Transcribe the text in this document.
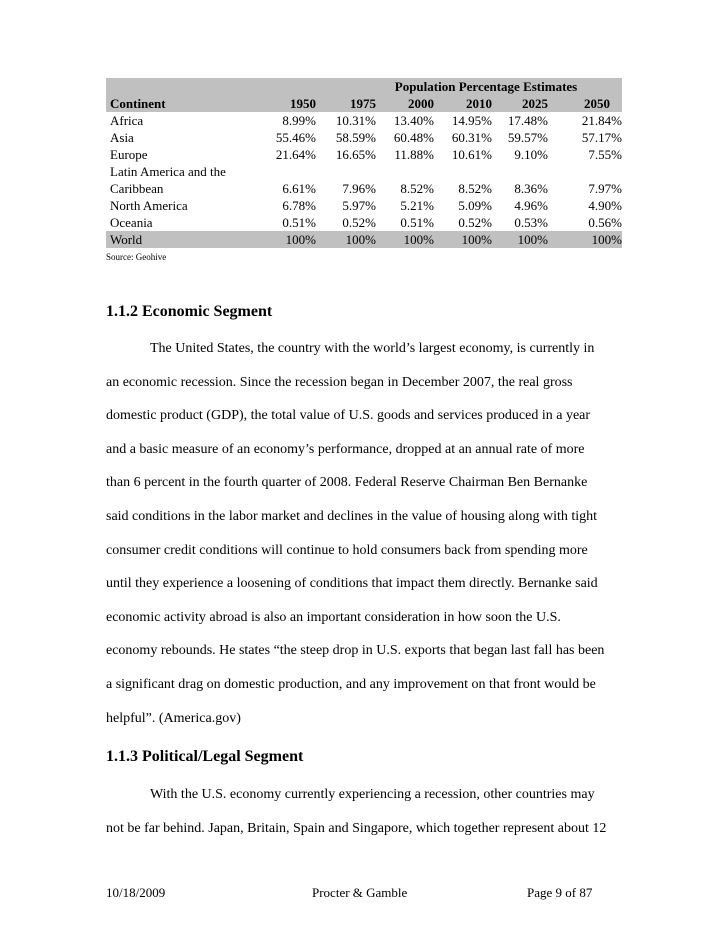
Population Percentage Estimates
Continent	1950	1975	2000	2010	2025	2050
Africa	8.99%	10.31%	13.40%	14.95%	17.48%	21.84%
Asia	55.46%	58.59%	60.48%	60.31%	59.57%	57.17%
Europe	21.64%	16.65%	11.88%	10.61%	9.10%	7.55%
Latin America and the
Caribbean	6.61%	7.96%	8.52%	8.52%	8.36%	7.97%
North America	6.78%	5.97%	5.21%	5.09%	4.96%	4.90%
Oceania	0.51%	0.52%	0.51%	0.52%	0.53%	0.56%
World	100%	100%	100%	100%	100%	100%
Source: Geohive
1.1.2 Economic Segment
The United States, the country with the world’s largest economy, is currently in
an economic recession. Since the recession began in December 2007, the real gross
domestic product (GDP), the total value of U.S. goods and services produced in a year
and a basic measure of an economy’s performance, dropped at an annual rate of more
than 6 percent in the fourth quarter of 2008. Federal Reserve Chairman Ben Bernanke
said conditions in the labor market and declines in the value of housing along with tight
consumer credit conditions will continue to hold consumers back from spending more
until they experience a loosening of conditions that impact them directly. Bernanke said
economic activity abroad is also an important consideration in how soon the U.S.
economy rebounds. He states “the steep drop in U.S. exports that began last fall has been
a significant drag on domestic production, and any improvement on that front would be
helpful”. (America.gov)
1.1.3 Political/Legal Segment
With the U.S. economy currently experiencing a recession, other countries may
not be far behind. Japan, Britain, Spain and Singapore, which together represent about 12
10/18/2009	Procter & Gamble	Page 9 of 87
